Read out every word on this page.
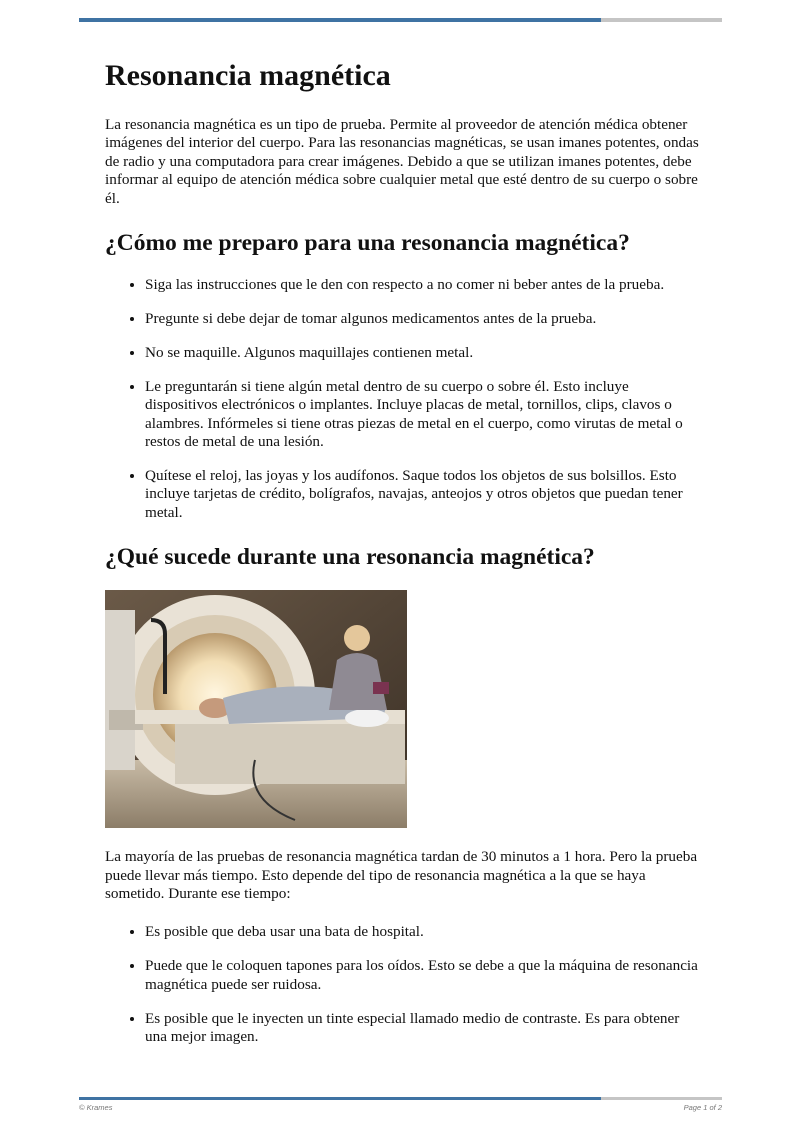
Resonancia magnética

La resonancia magnética es un tipo de prueba. Permite al proveedor de atención médica obtener imágenes del interior del cuerpo. Para las resonancias magnéticas, se usan imanes potentes, ondas de radio y una computadora para crear imágenes. Debido a que se utilizan imanes potentes, debe informar al equipo de atención médica sobre cualquier metal que esté dentro de su cuerpo o sobre él.

¿Cómo me preparo para una resonancia magnética?
• Siga las instrucciones que le den con respecto a no comer ni beber antes de la prueba.
• Pregunte si debe dejar de tomar algunos medicamentos antes de la prueba.
• No se maquille. Algunos maquillajes contienen metal.
• Le preguntarán si tiene algún metal dentro de su cuerpo o sobre él. Esto incluye dispositivos electrónicos o implantes. Incluye placas de metal, tornillos, clips, clavos o alambres. Infórmeles si tiene otras piezas de metal en el cuerpo, como virutas de metal o restos de metal de una lesión.
• Quítese el reloj, las joyas y los audífonos. Saque todos los objetos de sus bolsillos. Esto incluye tarjetas de crédito, bolígrafos, navajas, anteojos y otros objetos que puedan tener metal.
¿Qué sucede durante una resonancia magnética?

La mayoría de las pruebas de resonancia magnética tardan de 30 minutos a 1 hora. Pero la prueba puede llevar más tiempo. Esto depende del tipo de resonancia magnética a la que se haya sometido. Durante ese tiempo:

• Es posible que deba usar una bata de hospital.
• Puede que le coloquen tapones para los oídos. Esto se debe a que la máquina de resonancia magnética puede ser ruidosa.
• Es posible que le inyecten un tinte especial llamado medio de contraste. Es para obtener una mejor imagen.
© Krames	Page 1 of 2
